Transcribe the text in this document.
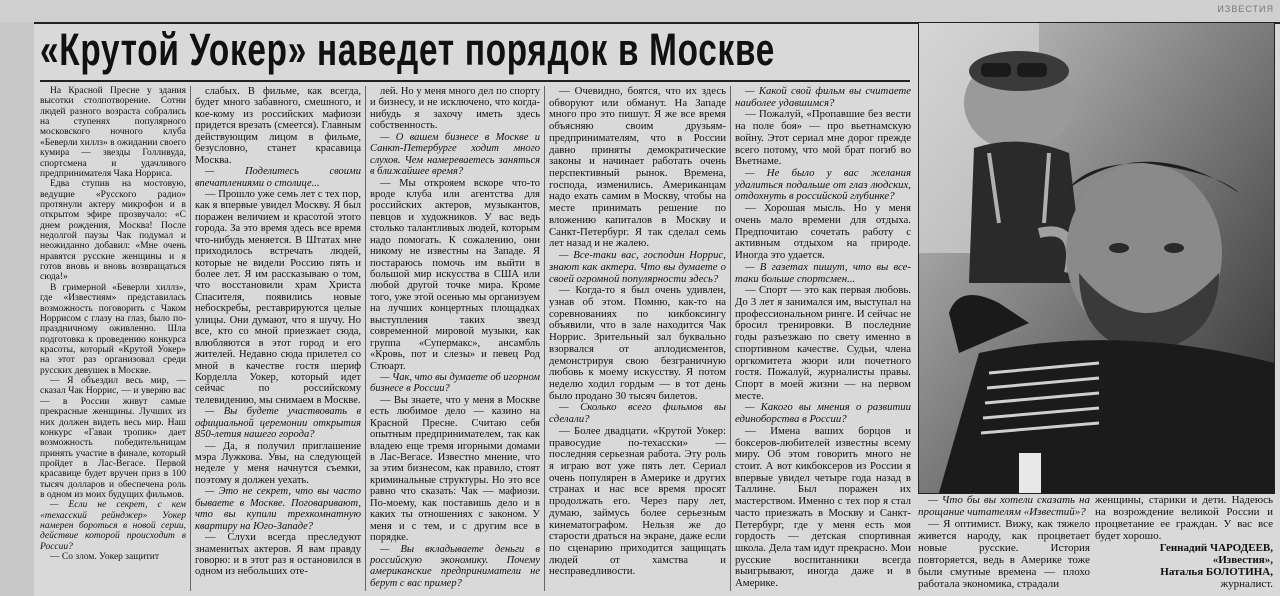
ИЗВЕСТИЯ
«Крутой Уокер» наведет порядок в Москве

На Красной Пресне у здания высотки столпотворение. Сотни людей разного возраста собрались на ступенях популярного московского ночного клуба «Беверли хиллз» в ожидании своего кумира — звезды Голливуда, спортсмена и удачливого предпринимателя Чака Норриса.

Едва ступив на мостовую, ведущие «Русского радио» протянули актеру микрофон и в открытом эфире прозвучало: «С днем рождения, Москва! После недолгой паузы Чак подумал и неожиданно добавил: «Мне очень нравятся русские женщины и я готов вновь и вновь возвращаться сюда!»

В гримерной «Беверли хиллз», где «Известиям» представилась возможность поговорить с Чаком Норрисом с глазу на глаз, было по-праздничному оживленно. Шла подготовка к проведению конкурса красоты, который «Крутой Уокер» на этот раз организовал среди русских девушек в Москве.

— Я объездил весь мир, — сказал Чак Норрис, — и уверяю вас — в России живут самые прекрасные женщины. Лучших из них должен видеть весь мир. Наш конкурс «Гаваи тропик» дает возможность победительницам принять участие в финале, который пройдет в Лас-Вегасе. Первой красавице будет вручен приз в 100 тысяч долларов и обеспечена роль в одном из моих будущих фильмов.

— Если не секрет, с кем «техасский рейнджер» Уокер намерен бороться в новой серии, действие которой происходит в России?

— Со злом. Уокер защитит

слабых. В фильме, как всегда, будет много забавного, смешного, и кое-кому из российских мафиози придется врезать (смеется). Главным действующим лицом в фильме, безусловно, станет красавица Москва.

— Поделитесь своими впечатлениями о столице...

— Прошло уже семь лет с тех пор, как я впервые увидел Москву. Я был поражен величием и красотой этого города. За это время здесь все время что-нибудь меняется. В Штатах мне приходилось встречать людей, которые не видели Россию пять и более лет. Я им рассказываю о том, что восстановили храм Христа Спасителя, появились новые небоскребы, реставрируются целые улицы. Они думают, что я шучу. Но все, кто со мной приезжает сюда, влюбляются в этот город и его жителей. Недавно сюда прилетел со мной в качестве гостя шериф Корделла Уокер, который идет сейчас по российскому телевидению, мы снимаем в Москве.

— Вы будете участвовать в официальной церемонии открытия 850-летия нашего города?

— Да, я получил приглашение мэра Лужкова. Увы, на следующей неделе у меня начнутся съемки, поэтому я должен уехать.

— Это не секрет, что вы часто бываете в Москве. Поговаривают, что вы купили трехкомнатную квартиру на Юго-Западе?

— Слухи всегда преследуют знаменитых актеров. Я вам правду говорю: и в этот раз я остановился в одном из небольших оте-

лей. Но у меня много дел по спорту и бизнесу, и не исключено, что когда-нибудь я захочу иметь здесь собственность.

— О вашем бизнесе в Москве и Санкт-Петербурге ходит много слухов. Чем намереваетесь заняться в ближайшее время?

— Мы открояем вскоре что-то вроде клуба или агентства для российских актеров, музыкантов, певцов и художников. У вас ведь столько талантливых людей, которым надо помогать. К сожалению, они никому не известны на Западе. Я постараюсь помочь им выйти в большой мир искусства в США или любой другой точке мира. Кроме того, уже этой осенью мы организуем на лучших концертных площадках выступления таких звезд современной мировой музыки, как группа «Супермакс», ансамбль «Кровь, пот и слезы» и певец Род Стюарт.

— Чак, что вы думаете об игорном бизнесе в России?

— Вы знаете, что у меня в Москве есть любимое дело — казино на Красной Пресне. Считаю себя опытным предпринимателем, так как владею еще тремя игорными домами в Лас-Вегасе. Известно мнение, что за этим бизнесом, как правило, стоят криминальные структуры. Но это все равно что сказать: Чак — мафиози. По-моему, как поставишь дело и в каких ты отношениях с законом. У меня и с тем, и с другим все в порядке.

— Вы вкладываете деньги в российскую экономику. Почему американские предприниматели не берут с вас пример?

— Очевидно, боятся, что их здесь обворуют или обманут. На Западе много про это пишут. Я же все время объясняю своим друзьям-предпринимателям, что в России давно приняты демократические законы и начинает работать очень перспективный рынок. Времена, господа, изменились. Американцам надо ехать самим в Москву, чтобы на месте принимать решение по вложению капиталов в Москву и Санкт-Петербург. Я так сделал семь лет назад и не жалею.

— Все-таки вас, господин Норрис, знают как актера. Что вы думаете о своей огромной популярности здесь?

— Когда-то я был очень удивлен, узнав об этом. Помню, как-то на соревнованиях по кикбоксингу объявили, что в зале находится Чак Норрис. Зрительный зал буквально взорвался от аплодисментов, демонстрируя свою безграничную любовь к моему искусству. Я потом неделю ходил гордым — в тот день было продано 30 тысяч билетов.

— Сколько всего фильмов вы сделали?

— Более двадцати. «Крутой Уокер: правосудие по-техасски» — последняя серьезная работа. Эту роль я играю вот уже пять лет. Сериал очень популярен в Америке и других странах и нас все время просят продолжать его. Через пару лет, думаю, займусь более серьезным кинематографом. Нельзя же до старости драться на экране, даже если по сценарию приходится защищать людей от хамства и несправедливости.

— Какой свой фильм вы считаете наиболее удавшимся?

— Пожалуй, «Пропавшие без вести на поле боя» — про вьетнамскую войну. Этот сериал мне дорог прежде всего потому, что мой брат погиб во Вьетнаме.

— Не было у вас желания удалиться подальше от глаз людских, отдохнуть в российской глубинке?

— Хорошая мысль. Но у меня очень мало времени для отдыха. Предпочитаю сочетать работу с активным отдыхом на природе. Иногда это удается.

— В газетах пишут, что вы все-таки больше спортсмен...

— Спорт — это как первая любовь. До 3 лет я занимался им, выступал на профессиональном ринге. И сейчас не бросил тренировки. В последние годы разъезжаю по свету именно в спортивном качестве. Судьи, члена оргкомитета жюри или почетного гостя. Пожалуй, журналисты правы. Спорт в моей жизни — на первом месте.

— Какого вы мнения о развитии единоборства в России?

— Имена ваших борцов и боксеров-любителей известны всему миру. Об этом говорить много не стоит. А вот кикбоксеров из России я впервые увидел четыре года назад в Таллине. Был поражен их мастерством. Именно с тех пор я стал часто приезжать в Москву и Санкт-Петербург, где у меня есть моя гордость — детская спортивная школа. Дела там идут прекрасно. Мои русские воспитанники всегда выигрывают, иногда даже и в Америке.

— Что бы вы хотели сказать на прощание читателям «Известий»?

— Я оптимист. Вижу, как тяжело живется народу, как процветает новые русские. История повторяется, ведь в Америке тоже были смутные времена — плохо работала экономика, страдали

женщины, старики и дети. Надеюсь на возрождение великой России и процветание ее граждан. У вас все будет хорошо.

Геннадий ЧАРОДЕЕВ,

«Известия»,

Наталья БОЛОТИНА,

журналист.
